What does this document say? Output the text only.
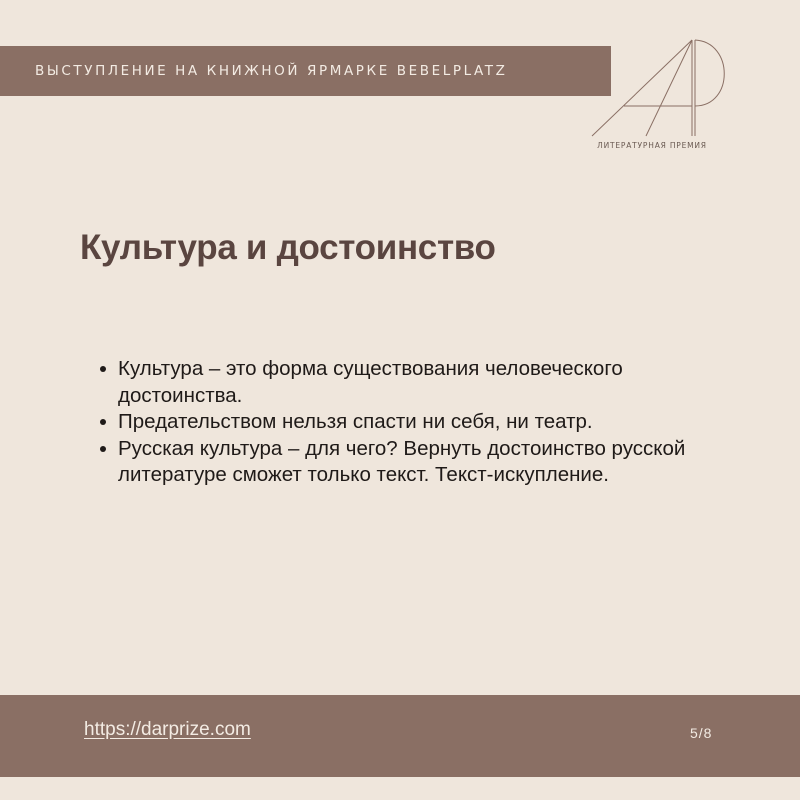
ВЫСТУПЛЕНИЕ НА КНИЖНОЙ ЯРМАРКЕ BEBELPLATZ
ЛИТЕРАТУРНАЯ ПРЕМИЯ
Культура и достоинство
Культура – это форма существования человеческого достоинства.
Предательством нельзя спасти ни себя, ни театр.
Русская культура – для чего? Вернуть достоинство русской литературе сможет только текст. Текст-искупление.
https://darprize.com	5/8
